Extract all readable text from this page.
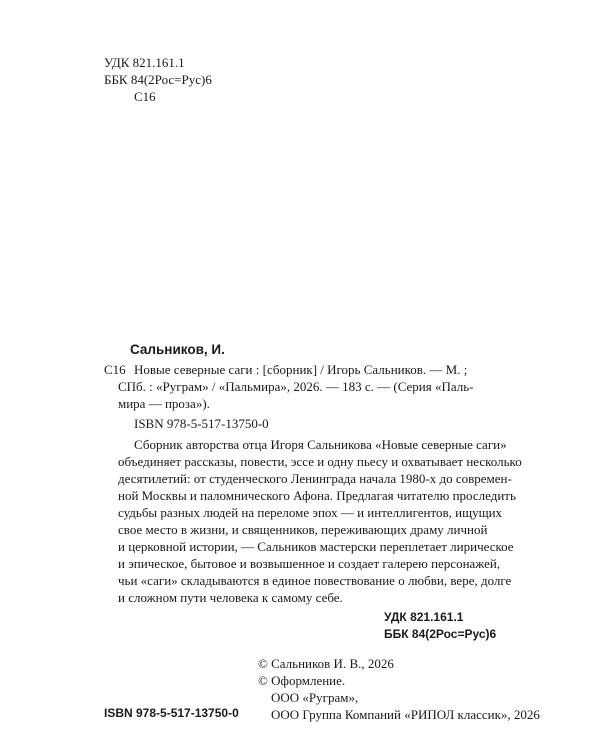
УДК 821.161.1
ББК 84(2Рос=Рус)6
С16
Сальников, И.
С16 Новые северные саги : [сборник] / Игорь Сальников. — М. ;
СПб. : «Руграм» / «Пальмира», 2026. — 183 с. — (Серия «Паль-
мира — проза»).
ISBN 978-5-517-13750-0
Сборник авторства отца Игоря Сальникова «Новые северные саги»
объединяет рассказы, повести, эссе и одну пьесу и охватывает несколько
десятилетий: от студенческого Ленинграда начала 1980-х до современ-
ной Москвы и паломнического Афона. Предлагая читателю проследить
судьбы разных людей на переломе эпох — и интеллигентов, ищущих
свое место в жизни, и священников, переживающих драму личной
и церковной истории, — Сальников мастерски переплетает лирическое
и эпическое, бытовое и возвышенное и создает галерею персонажей,
чьи «саги» складываются в единое повествование о любви, вере, долге
и сложном пути человека к самому себе.
УДК 821.161.1
ББК 84(2Рос=Рус)6
© Сальников И. В., 2026
© Оформление.
ООО «Руграм»,
ООО Группа Компаний «РИПОЛ классик», 2026
ISBN 978-5-517-13750-0
